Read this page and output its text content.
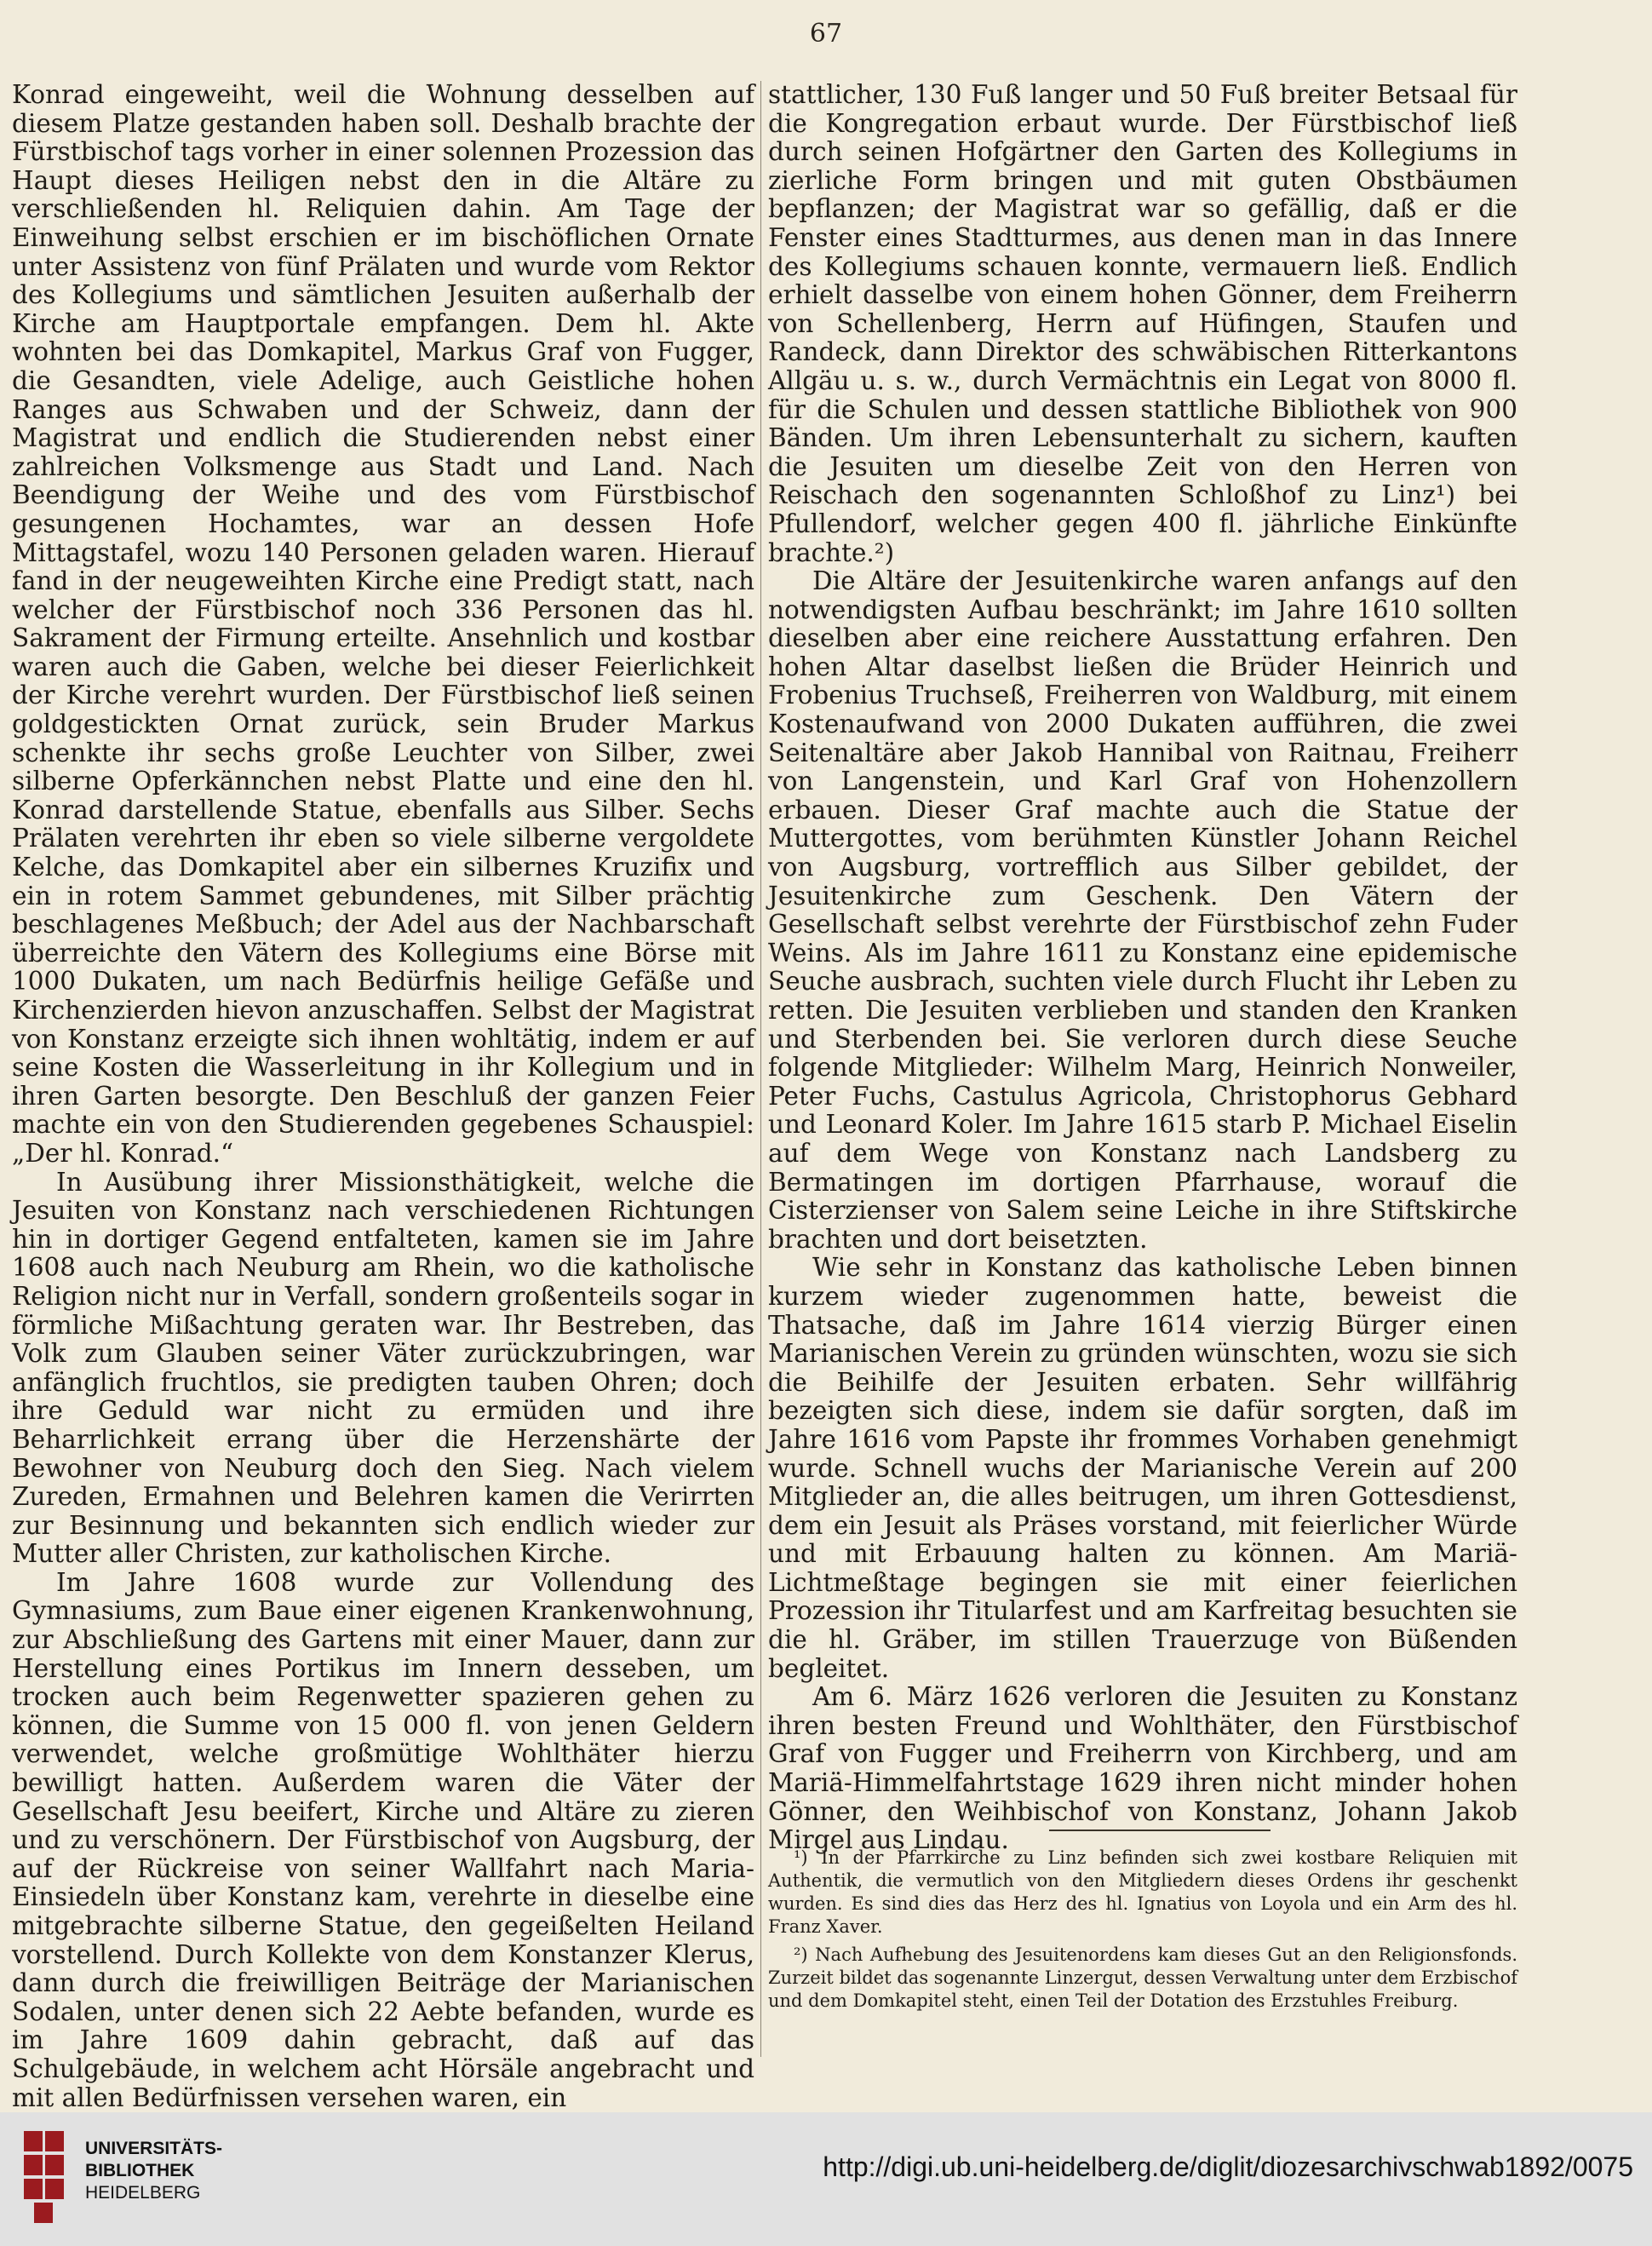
67

Konrad eingeweiht, weil die Wohnung desselben auf diesem Platze gestanden haben soll. Deshalb brachte der Fürstbischof tags vorher in einer solennen Prozession das Haupt dieses Heiligen nebst den in die Altäre zu verschließenden hl. Reliquien dahin. Am Tage der Einweihung selbst erschien er im bischöflichen Ornate unter Assistenz von fünf Prälaten und wurde vom Rektor des Kollegiums und sämtlichen Jesuiten außerhalb der Kirche am Hauptportale empfangen. Dem hl. Akte wohnten bei das Domkapitel, Markus Graf von Fugger, die Gesandten, viele Adelige, auch Geistliche hohen Ranges aus Schwaben und der Schweiz, dann der Magistrat und endlich die Studierenden nebst einer zahlreichen Volksmenge aus Stadt und Land. Nach Beendigung der Weihe und des vom Fürstbischof gesungenen Hochamtes, war an dessen Hofe Mittagstafel, wozu 140 Personen geladen waren. Hierauf fand in der neugeweihten Kirche eine Predigt statt, nach welcher der Fürstbischof noch 336 Personen das hl. Sakrament der Firmung erteilte. Ansehnlich und kostbar waren auch die Gaben, welche bei dieser Feierlichkeit der Kirche verehrt wurden. Der Fürstbischof ließ seinen goldgestickten Ornat zurück, sein Bruder Markus schenkte ihr sechs große Leuchter von Silber, zwei silberne Opferkännchen nebst Platte und eine den hl. Konrad darstellende Statue, ebenfalls aus Silber. Sechs Prälaten verehrten ihr eben so viele silberne vergoldete Kelche, das Domkapitel aber ein silbernes Kruzifix und ein in rotem Sammet gebundenes, mit Silber prächtig beschlagenes Meßbuch; der Adel aus der Nachbarschaft überreichte den Vätern des Kollegiums eine Börse mit 1000 Dukaten, um nach Bedürfnis heilige Gefäße und Kirchenzierden hievon anzuschaffen. Selbst der Magistrat von Konstanz erzeigte sich ihnen wohltätig, indem er auf seine Kosten die Wasserleitung in ihr Kollegium und in ihren Garten besorgte. Den Beschluß der ganzen Feier machte ein von den Studierenden gegebenes Schauspiel: „Der hl. Konrad.“

In Ausübung ihrer Missionsthätigkeit, welche die Jesuiten von Konstanz nach verschiedenen Richtungen hin in dortiger Gegend entfalteten, kamen sie im Jahre 1608 auch nach Neuburg am Rhein, wo die katholische Religion nicht nur in Verfall, sondern großenteils sogar in förmliche Mißachtung geraten war. Ihr Bestreben, das Volk zum Glauben seiner Väter zurückzubringen, war anfänglich fruchtlos, sie predigten tauben Ohren; doch ihre Geduld war nicht zu ermüden und ihre Beharrlichkeit errang über die Herzenshärte der Bewohner von Neuburg doch den Sieg. Nach vielem Zureden, Ermahnen und Belehren kamen die Verirrten zur Besinnung und bekannten sich endlich wieder zur Mutter aller Christen, zur katholischen Kirche.

Im Jahre 1608 wurde zur Vollendung des Gymnasiums, zum Baue einer eigenen Krankenwohnung, zur Abschließung des Gartens mit einer Mauer, dann zur Herstellung eines Portikus im Innern desseben, um trocken auch beim Regenwetter spazieren gehen zu können, die Summe von 15 000 fl. von jenen Geldern verwendet, welche großmütige Wohlthäter hierzu bewilligt hatten. Außerdem waren die Väter der Gesellschaft Jesu beeifert, Kirche und Altäre zu zieren und zu verschönern. Der Fürstbischof von Augsburg, der auf der Rückreise von seiner Wallfahrt nach Maria-Einsiedeln über Konstanz kam, verehrte in dieselbe eine mitgebrachte silberne Statue, den gegeißelten Heiland vorstellend. Durch Kollekte von dem Konstanzer Klerus, dann durch die freiwilligen Beiträge der Marianischen Sodalen, unter denen sich 22 Aebte befanden, wurde es im Jahre 1609 dahin gebracht, daß auf das Schulgebäude, in welchem acht Hörsäle angebracht und mit allen Bedürfnissen versehen waren, ein

stattlicher, 130 Fuß langer und 50 Fuß breiter Betsaal für die Kongregation erbaut wurde. Der Fürstbischof ließ durch seinen Hofgärtner den Garten des Kollegiums in zierliche Form bringen und mit guten Obstbäumen bepflanzen; der Magistrat war so gefällig, daß er die Fenster eines Stadtturmes, aus denen man in das Innere des Kollegiums schauen konnte, vermauern ließ. Endlich erhielt dasselbe von einem hohen Gönner, dem Freiherrn von Schellenberg, Herrn auf Hüfingen, Staufen und Randeck, dann Direktor des schwäbischen Ritterkantons Allgäu u. s. w., durch Vermächtnis ein Legat von 8000 fl. für die Schulen und dessen stattliche Bibliothek von 900 Bänden. Um ihren Lebensunterhalt zu sichern, kauften die Jesuiten um dieselbe Zeit von den Herren von Reischach den sogenannten Schloßhof zu Linz¹) bei Pfullendorf, welcher gegen 400 fl. jährliche Einkünfte brachte.²)

Die Altäre der Jesuitenkirche waren anfangs auf den notwendigsten Aufbau beschränkt; im Jahre 1610 sollten dieselben aber eine reichere Ausstattung erfahren. Den hohen Altar daselbst ließen die Brüder Heinrich und Frobenius Truchseß, Freiherren von Waldburg, mit einem Kostenaufwand von 2000 Dukaten aufführen, die zwei Seitenaltäre aber Jakob Hannibal von Raitnau, Freiherr von Langenstein, und Karl Graf von Hohenzollern erbauen. Dieser Graf machte auch die Statue der Muttergottes, vom berühmten Künstler Johann Reichel von Augsburg, vortrefflich aus Silber gebildet, der Jesuitenkirche zum Geschenk. Den Vätern der Gesellschaft selbst verehrte der Fürstbischof zehn Fuder Weins. Als im Jahre 1611 zu Konstanz eine epidemische Seuche ausbrach, suchten viele durch Flucht ihr Leben zu retten. Die Jesuiten verblieben und standen den Kranken und Sterbenden bei. Sie verloren durch diese Seuche folgende Mitglieder: Wilhelm Marg, Heinrich Nonweiler, Peter Fuchs, Castulus Agricola, Christophorus Gebhard und Leonard Koler. Im Jahre 1615 starb P. Michael Eiselin auf dem Wege von Konstanz nach Landsberg zu Bermatingen im dortigen Pfarrhause, worauf die Cisterzienser von Salem seine Leiche in ihre Stiftskirche brachten und dort beisetzten.

Wie sehr in Konstanz das katholische Leben binnen kurzem wieder zugenommen hatte, beweist die Thatsache, daß im Jahre 1614 vierzig Bürger einen Marianischen Verein zu gründen wünschten, wozu sie sich die Beihilfe der Jesuiten erbaten. Sehr willfährig bezeigten sich diese, indem sie dafür sorgten, daß im Jahre 1616 vom Papste ihr frommes Vorhaben genehmigt wurde. Schnell wuchs der Marianische Verein auf 200 Mitglieder an, die alles beitrugen, um ihren Gottesdienst, dem ein Jesuit als Präses vorstand, mit feierlicher Würde und mit Erbauung halten zu können. Am Mariä-Lichtmeßtage begingen sie mit einer feierlichen Prozession ihr Titularfest und am Karfreitag besuchten sie die hl. Gräber, im stillen Trauerzuge von Büßenden begleitet.

Am 6. März 1626 verloren die Jesuiten zu Konstanz ihren besten Freund und Wohlthäter, den Fürstbischof Graf von Fugger und Freiherrn von Kirchberg, und am Mariä-Himmelfahrtstage 1629 ihren nicht minder hohen Gönner, den Weihbischof von Konstanz, Johann Jakob Mirgel aus Lindau.

¹) In der Pfarrkirche zu Linz befinden sich zwei kostbare Reliquien mit Authentik, die vermutlich von den Mitgliedern dieses Ordens ihr geschenkt wurden. Es sind dies das Herz des hl. Ignatius von Loyola und ein Arm des hl. Franz Xaver.

²) Nach Aufhebung des Jesuitenordens kam dieses Gut an den Religionsfonds. Zurzeit bildet das sogenannte Linzergut, dessen Verwaltung unter dem Erzbischof und dem Domkapitel steht, einen Teil der Dotation des Erzstuhles Freiburg.

UNIVERSITÄTS-
BIBLIOTHEK
HEIDELBERG
http://digi.ub.uni-heidelberg.de/diglit/diozesarchivschwab1892/0075
